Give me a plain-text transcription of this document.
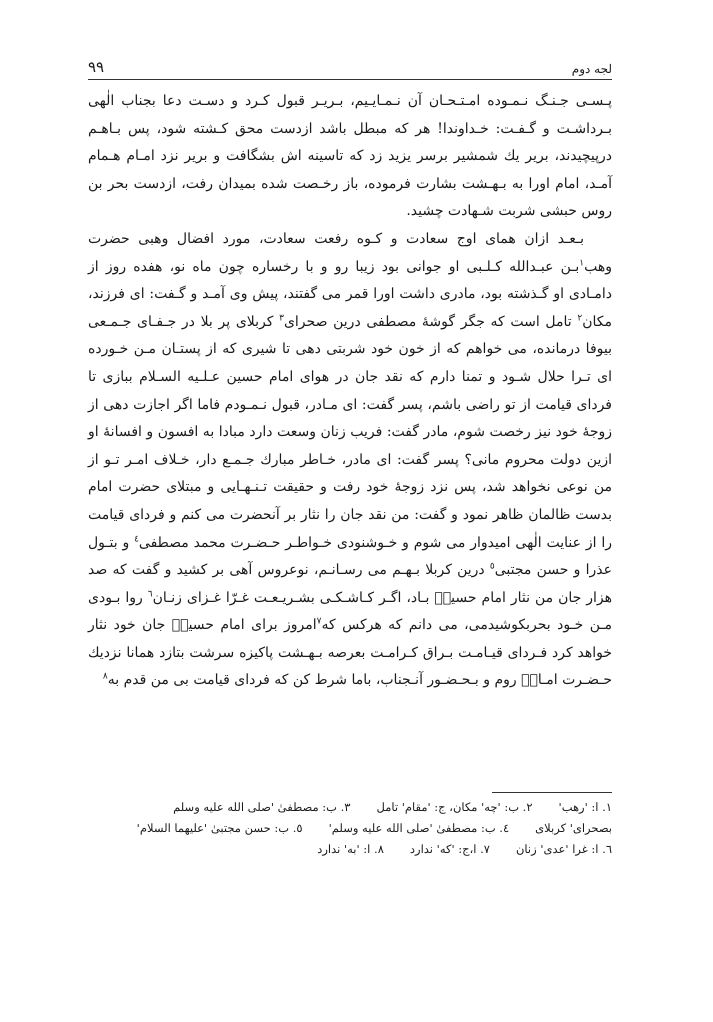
۹۹	لجه دوم

پـسـی جـنـگ نـمـوده امـتـحـان آن نـمـایـیم، بـریـر قبول کـرد و دسـت دعا بجناب الٰهی بـرداشـت و گـفـت: خـداوندا! هر که مبطل باشد ازدست محق کـشته شود، پس بـاهـم درپیچیدند، بریر یك شمشیر برسر یزید زد که تاسینه اش بشگافت و بریر نزد امـام هـمام آمـد، امام اورا به بـهـشت بشارت فرموده، باز رخـصت شده بمیدان رفت، ازدست بحر بن روس حبشی شربت شـهادت چشید.

بـعـد ازان همای اوج سعادت و کـوه رفعت سعادت، مورد افضال وهبی حضرت وهب$^۱$بـن عبـدالله کـلـبی او جوانی بود زیبا رو و با رخساره چون ماه نو، هفده روز از دامـادی او گـذشته بود، مادری داشت اورا قمر می گفتند، پیش وی آمـد و گـفت: ای فرزند، مکان$^۲$ تامل است که جگر گوشهٔ مصطفی درین صحرای$^۳$ کربلای پر بلا در جـفـای جـمـعی بیوفا درمانده، می خواهم که از خون خود شربتی دهی تا شیری که از پستـان مـن خـورده ای تـرا حلال شـود و تمنا دارم که نقد جان در هوای امام حسین عـلـیه السـلام ببازی تا فردای قیامت از تو راضی باشم، پسر گفت: ای مـادر، قبول نـمـودم فاما اگر اجازت دهی از زوجهٔ خود نیز رخصت شوم، مادر گفت: فریب زنان وسعت دارد مبادا به افسون و افسانهٔ او ازین دولت محروم مانی؟ پسر گفت: ای مادر، خـاطر مبارك جـمـع دار، خـلاف امـر تـو از من نوعی نخواهد شد، پس نزد زوجهٔ خود رفت و حقیقت تـنـهـایی و مبتلای حضرت امام بدست ظالمان ظاهر نمود و گفت: من نقد جان را نثار بر آنحضرت می کنم و فردای قیامت را از عنایت الٰهی امیدوار می شوم و خـوشنودی خـواطـر حـضـرت محمد مصطفی$^٤$ و بتـول عذرا و حسن مجتبی$^٥$ درین کربلا بـهـم می رسـانـم، نوعروس آهی بر کشید و گفت که صد هزار جان من نثار امام حسینؑ بـاد، اگـر کـاشـکـی بشـریـعـت غـرّا غـزای زنـان$^٦$ روا بـودی مـن خـود بحربکوشیدمی، می دانم که هرکس که$^۷$امروز برای امام حسینؑ جان خود نثار خواهد کرد فـردای قیـامـت بـراق کـرامـت بعرصه بـهـشت پاکیزه سرشت بتازد همانا نزدیك حـضـرت امـامؑ روم و بـحـضـور آنـجناب، باما شرط کن که فردای قیامت بی من قدم به$^۸$

۱. ا: 'رهب'
۲. ب: 'چه' مکان، ج: 'مقام' تامل
۳. ب: مصطفیٰ 'صلی الله علیه وسلم
بصحرای' کربلای
٤. ب: مصطفیٰ 'صلی الله علیه وسلم'
٥. ب: حسن مجتبیٰ 'علیهما السلام'
٦. ا: غرا 'عدی' زنان
۷. ا،ج: 'که' ندارد
۸. ا: 'به' ندارد
